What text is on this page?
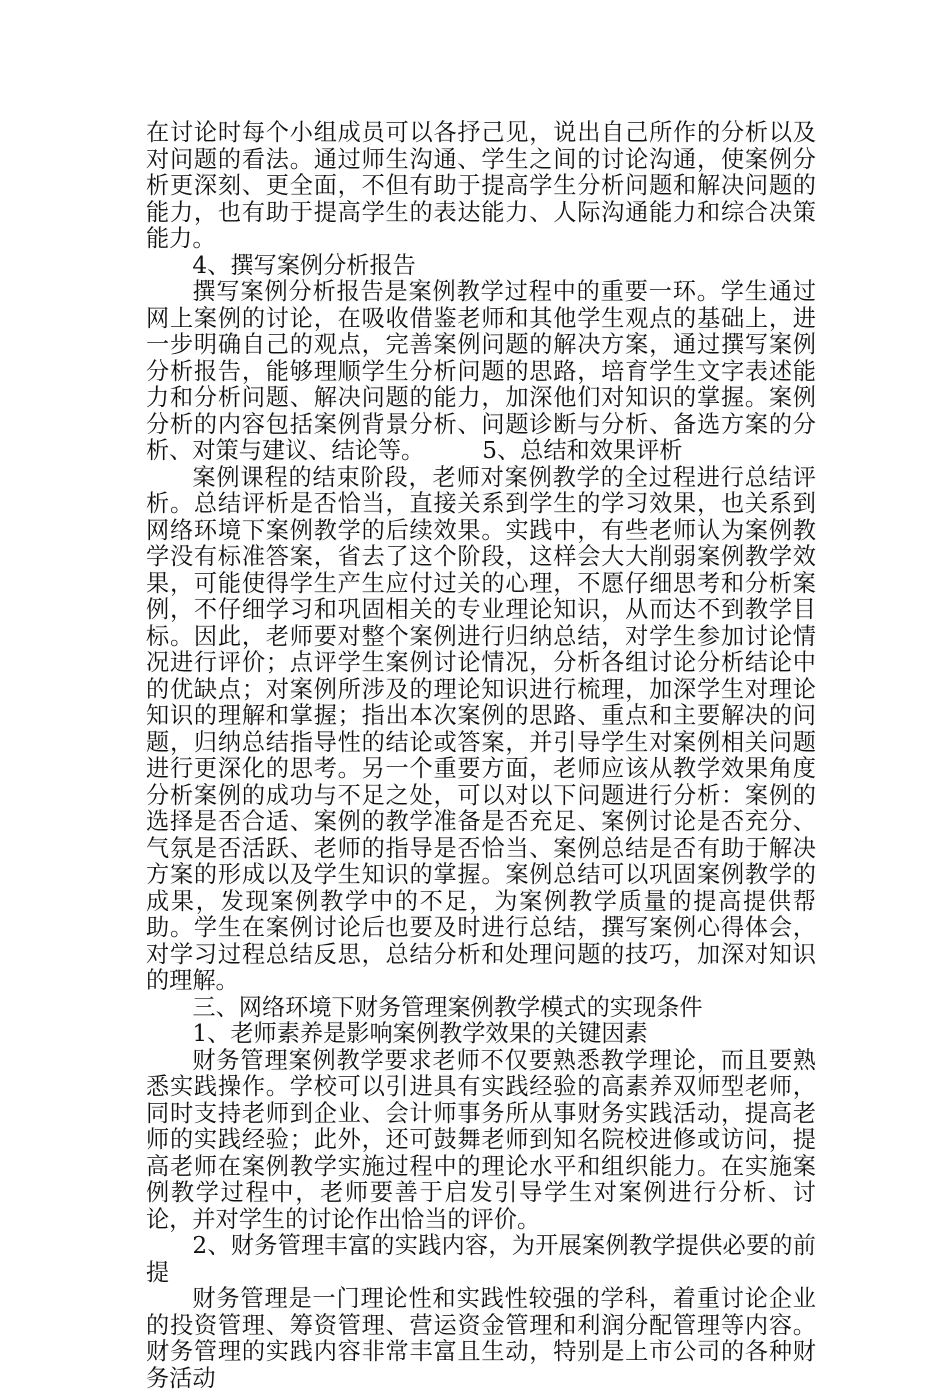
在讨论时每个小组成员可以各抒己见，说出自己所作的分析以及对问题的看法。通过师生沟通、学生之间的讨论沟通，使案例分析更深刻、更全面，不但有助于提高学生分析问题和解决问题的能力，也有助于提高学生的表达能力、人际沟通能力和综合决策能力。

4、撰写案例分析报告

撰写案例分析报告是案例教学过程中的重要一环。学生通过网上案例的讨论，在吸收借鉴老师和其他学生观点的基础上，进一步明确自己的观点，完善案例问题的解决方案，通过撰写案例分析报告，能够理顺学生分析问题的思路，培育学生文字表述能力和分析问题、解决问题的能力，加深他们对知识的掌握。案例分析的内容包括案例背景分析、问题诊断与分析、备选方案的分析、对策与建议、结论等。　　　5、总结和效果评析

案例课程的结束阶段，老师对案例教学的全过程进行总结评析。总结评析是否恰当，直接关系到学生的学习效果，也关系到网络环境下案例教学的后续效果。实践中，有些老师认为案例教学没有标准答案，省去了这个阶段，这样会大大削弱案例教学效果，可能使得学生产生应付过关的心理，不愿仔细思考和分析案例，不仔细学习和巩固相关的专业理论知识，从而达不到教学目标。因此，老师要对整个案例进行归纳总结，对学生参加讨论情况进行评价；点评学生案例讨论情况，分析各组讨论分析结论中的优缺点；对案例所涉及的理论知识进行梳理，加深学生对理论知识的理解和掌握；指出本次案例的思路、重点和主要解决的问题，归纳总结指导性的结论或答案，并引导学生对案例相关问题进行更深化的思考。另一个重要方面，老师应该从教学效果角度分析案例的成功与不足之处，可以对以下问题进行分析：案例的选择是否合适、案例的教学准备是否充足、案例讨论是否充分、气氛是否活跃、老师的指导是否恰当、案例总结是否有助于解决方案的形成以及学生知识的掌握。案例总结可以巩固案例教学的成果，发现案例教学中的不足，为案例教学质量的提高提供帮助。学生在案例讨论后也要及时进行总结，撰写案例心得体会，对学习过程总结反思，总结分析和处理问题的技巧，加深对知识的理解。

三、网络环境下财务管理案例教学模式的实现条件

1、老师素养是影响案例教学效果的关键因素

财务管理案例教学要求老师不仅要熟悉教学理论，而且要熟悉实践操作。学校可以引进具有实践经验的高素养双师型老师，同时支持老师到企业、会计师事务所从事财务实践活动，提高老师的实践经验；此外，还可鼓舞老师到知名院校进修或访问，提高老师在案例教学实施过程中的理论水平和组织能力。在实施案例教学过程中，老师要善于启发引导学生对案例进行分析、讨论，并对学生的讨论作出恰当的评价。

2、财务管理丰富的实践内容，为开展案例教学提供必要的前提

财务管理是一门理论性和实践性较强的学科，着重讨论企业的投资管理、筹资管理、营运资金管理和利润分配管理等内容。财务管理的实践内容非常丰富且生动，特别是上市公司的各种财务活动
